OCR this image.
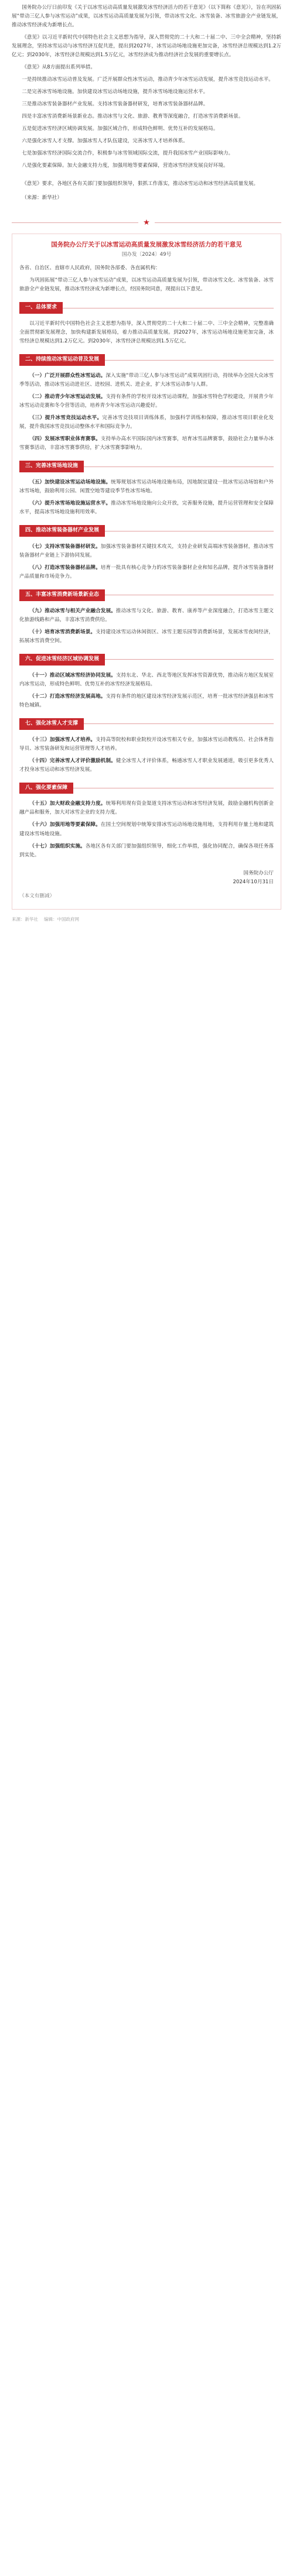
国务院办公厅日前印发《关于以冰雪运动高质量发展激发冰雪经济活力的若干意见》（以下简称《意见》），旨在巩固拓展“带动三亿人参与冰雪运动”成果，以冰雪运动高质量发展为引领，带动冰雪文化、冰雪装备、冰雪旅游全产业链发展，推动冰雪经济成为新增长点。

《意见》以习近平新时代中国特色社会主义思想为指导，深入贯彻党的二十大和二十届二中、三中全会精神，坚持新发展理念，坚持冰雪运动与冰雪经济互促共进，提出到2027年，冰雪运动场地设施更加完备，冰雪经济总规模达到1.2万亿元；到2030年，冰雪经济总规模达到1.5万亿元，冰雪经济成为推动经济社会发展的重要增长点。

《意见》从8方面提出系列举措。

一是持续推动冰雪运动普及发展。广泛开展群众性冰雪运动，推动青少年冰雪运动发展，提升冰雪竞技运动水平。

二是完善冰雪场地设施。加快建设冰雪运动场地设施，提升冰雪场地设施运营水平。

三是推动冰雪装备器材产业发展。支持冰雪装备器材研发，培育冰雪装备器材品牌。

四是丰富冰雪消费新场景新业态。推动冰雪与文化、旅游、教育等深度融合，打造冰雪消费新场景。

五是促进冰雪经济区域协调发展。加强区域合作，形成特色鲜明、优势互补的发展格局。

六是强化冰雪人才支撑。加强冰雪人才队伍建设，完善冰雪人才培养体系。

七是加强冰雪经济国际交流合作，积极参与冰雪领域国际交流，提升我国冰雪产业国际影响力。

八是强化要素保障。加大金融支持力度，加强用地等要素保障，营造冰雪经济发展良好环境。

《意见》要求，各地区各有关部门要加强组织领导，狠抓工作落实，推动冰雪运动和冰雪经济高质量发展。

（来源：新华社）

★
国务院办公厅关于以冰雪运动高质量发展激发冰雪经济活力的若干意见
国办发〔2024〕49号

各省、自治区、直辖市人民政府，国务院各部委、各直属机构：

为巩固拓展“带动三亿人参与冰雪运动”成果，以冰雪运动高质量发展为引领，带动冰雪文化、冰雪装备、冰雪旅游全产业链发展，推动冰雪经济成为新增长点，经国务院同意，现提出以下意见。

一、总体要求

以习近平新时代中国特色社会主义思想为指导，深入贯彻党的二十大和二十届二中、三中全会精神，完整准确全面贯彻新发展理念，加快构建新发展格局，着力推动高质量发展。到2027年，冰雪运动场地设施更加完备，冰雪经济总规模达到1.2万亿元。到2030年，冰雪经济总规模达到1.5万亿元。

二、持续推动冰雪运动普及发展

（一）广泛开展群众性冰雪运动。深入实施“带动三亿人参与冰雪运动”成果巩固行动，持续举办全国大众冰雪季等活动，推动冰雪运动进社区、进校园、进机关、进企业，扩大冰雪运动参与人群。

（二）推动青少年冰雪运动发展。支持有条件的学校开设冰雪运动课程，加强冰雪特色学校建设，开展青少年冰雪运动竞赛和冬令营等活动，培养青少年冰雪运动兴趣爱好。

（三）提升冰雪竞技运动水平。完善冰雪竞技项目训练体系，加强科学训练和保障，推动冰雪项目职业化发展，提升我国冰雪竞技运动整体水平和国际竞争力。

（四）发展冰雪职业体育赛事。支持举办高水平国际国内冰雪赛事，培育冰雪品牌赛事，鼓励社会力量举办冰雪赛事活动，丰富冰雪赛事供给，扩大冰雪赛事影响力。

三、完善冰雪场地设施

（五）加快建设冰雪运动场地设施。统筹规划冰雪运动场地设施布局，因地制宜建设一批冰雪运动场馆和户外冰雪场地，鼓励利用公园、闲置空地等建设季节性冰雪场地。

（六）提升冰雪场地设施运营水平。推动冰雪场地设施向公众开放，完善服务设施，提升运营管理和安全保障水平，提高冰雪场地设施利用效率。

四、推动冰雪装备器材产业发展

（七）支持冰雪装备器材研发。加强冰雪装备器材关键技术攻关，支持企业研发高端冰雪装备器材，推动冰雪装备器材产业链上下游协同发展。

（八）打造冰雪装备器材品牌。培育一批具有核心竞争力的冰雪装备器材企业和知名品牌，提升冰雪装备器材产品质量和市场竞争力。

五、丰富冰雪消费新场景新业态

（九）推动冰雪与相关产业融合发展。推动冰雪与文化、旅游、教育、康养等产业深度融合，打造冰雪主题文化旅游线路和产品，丰富冰雪消费供给。

（十）培育冰雪消费新场景。支持建设冰雪运动休闲街区、冰雪主题乐园等消费新场景，发展冰雪夜间经济，拓展冰雪消费空间。

六、促进冰雪经济区域协调发展

（十一）推动区域冰雪经济协同发展。支持东北、华北、西北等地区发挥冰雪资源优势，推动南方地区发展室内冰雪运动，形成特色鲜明、优势互补的冰雪经济发展格局。

（十二）打造冰雪经济发展高地。支持有条件的地区建设冰雪经济发展示范区，培育一批冰雪经济强县和冰雪特色城镇。

七、强化冰雪人才支撑

（十三）加强冰雪人才培养。支持高等院校和职业院校开设冰雪相关专业，加强冰雪运动教练员、社会体育指导员、冰雪装备研发和运营管理等人才培养。

（十四）完善冰雪人才评价激励机制。健全冰雪人才评价体系，畅通冰雪人才职业发展通道，吸引更多优秀人才投身冰雪运动和冰雪经济发展。

八、强化要素保障

（十五）加大财政金融支持力度。统筹利用现有资金渠道支持冰雪运动和冰雪经济发展，鼓励金融机构创新金融产品和服务，加大对冰雪企业的支持力度。

（十六）加强用地等要素保障。在国土空间规划中统筹安排冰雪运动场地设施用地，支持利用存量土地和建筑建设冰雪场地设施。

（十七）加强组织实施。各地区各有关部门要加强组织领导，细化工作举措，强化协同配合，确保各项任务落到实处。

国务院办公厅
2024年10月31日
（本文有删减）
来源：新华社 编辑：中国政府网
